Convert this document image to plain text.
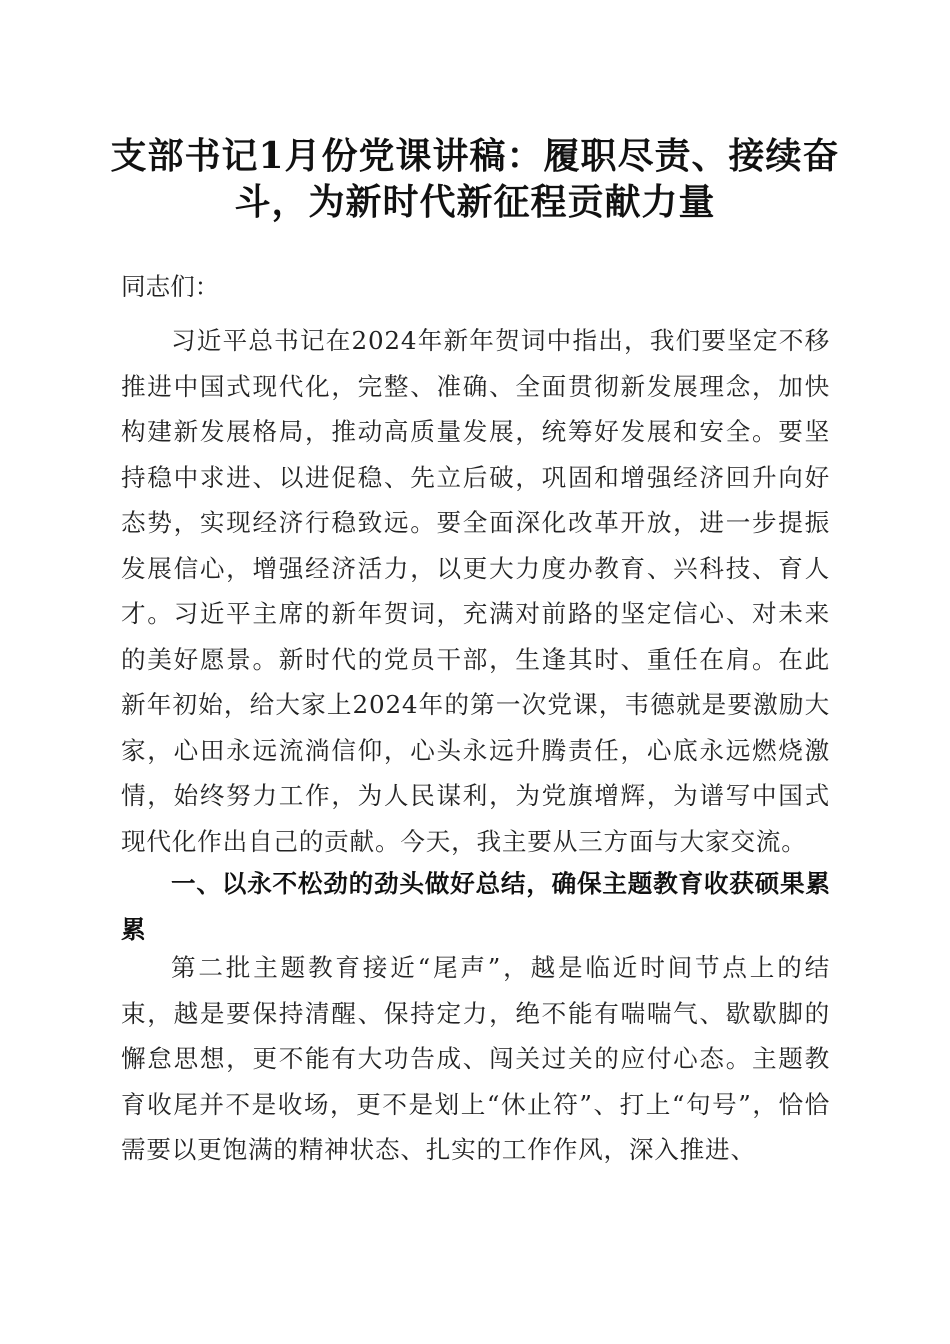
支部书记1月份党课讲稿：履职尽责、接续奋斗，为新时代新征程贡献力量
同志们：
习近平总书记在2024年新年贺词中指出，我们要坚定不移推进中国式现代化，完整、准确、全面贯彻新发展理念，加快构建新发展格局，推动高质量发展，统筹好发展和安全。要坚持稳中求进、以进促稳、先立后破，巩固和增强经济回升向好态势，实现经济行稳致远。要全面深化改革开放，进一步提振发展信心，增强经济活力，以更大力度办教育、兴科技、育人才。习近平主席的新年贺词，充满对前路的坚定信心、对未来的美好愿景。新时代的党员干部，生逢其时、重任在肩。在此新年初始，给大家上2024年的第一次党课，韦德就是要激励大家，心田永远流淌信仰，心头永远升腾责任，心底永远燃烧激情，始终努力工作，为人民谋利，为党旗增辉，为谱写中国式现代化作出自己的贡献。今天，我主要从三方面与大家交流。
一、以永不松劲的劲头做好总结，确保主题教育收获硕果累累
第二批主题教育接近“尾声”，越是临近时间节点上的结束，越是要保持清醒、保持定力，绝不能有喘喘气、歇歇脚的懈怠思想，更不能有大功告成、闯关过关的应付心态。主题教育收尾并不是收场，更不是划上“休止符”、打上“句号”，恰恰需要以更饱满的精神状态、扎实的工作作风，深入推进、
